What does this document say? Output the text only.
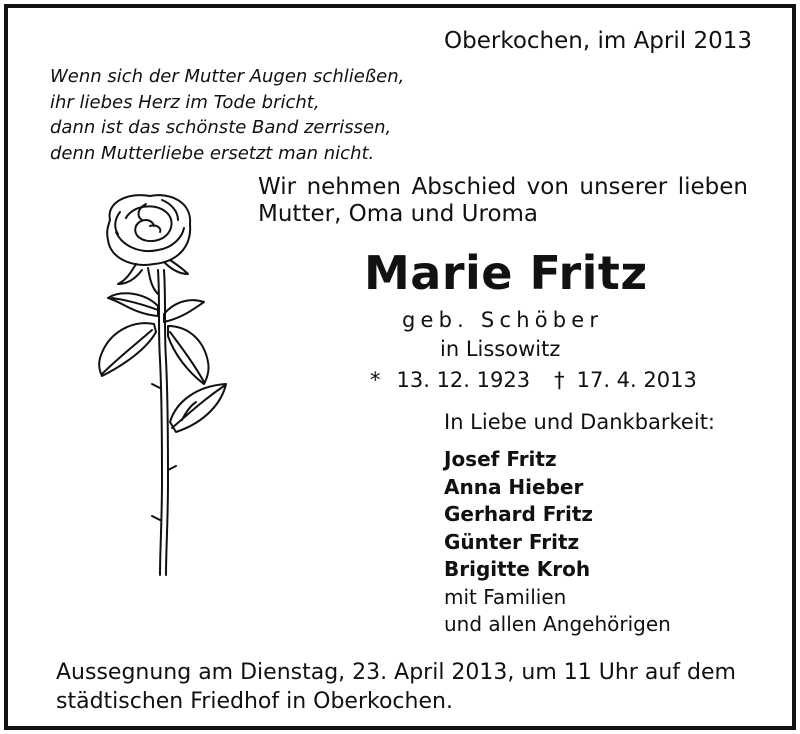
Oberkochen, im April 2013
Wenn sich der Mutter Augen schließen,
ihr liebes Herz im Tode bricht,
dann ist das schönste Band zerrissen,
denn Mutterliebe ersetzt man nicht.
Wir nehmen Abschied von unserer lieben
Mutter, Oma und Uroma
Marie Fritz
geb. Schöber
in Lissowitz
* 13. 12. 1923 † 17. 4. 2013
In Liebe und Dankbarkeit:
Josef Fritz
Anna Hieber
Gerhard Fritz
Günter Fritz
Brigitte Kroh
mit Familien
und allen Angehörigen
Aussegnung am Dienstag, 23. April 2013, um 11 Uhr auf dem
städtischen Friedhof in Oberkochen.
